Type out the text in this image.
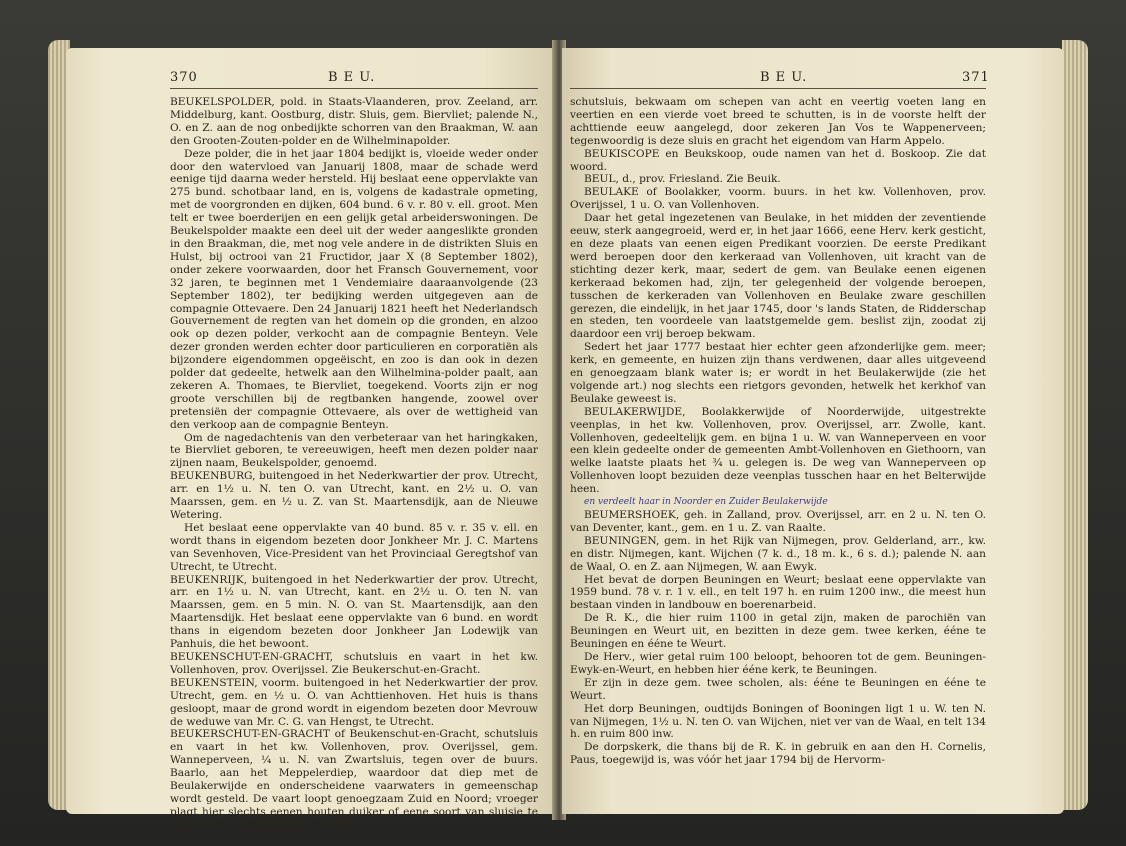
370	B E U.

BEUKELSPOLDER, pold. in Staats-Vlaanderen, prov. Zeeland, arr. Middelburg, kant. Oostburg, distr. Sluis, gem. Biervliet; palende N., O. en Z. aan de nog onbedijkte schorren van den Braakman, W. aan den Grooten-Zouten-polder en de Wilhelminapolder.

Deze polder, die in het jaar 1804 bedijkt is, vloeide weder onder door den watervloed van Januarij 1808, maar de schade werd eenige tijd daarna weder hersteld. Hij beslaat eene oppervlakte van 275 bund. schotbaar land, en is, volgens de kadastrale opmeting, met de voorgronden en dijken, 604 bund. 6 v. r. 80 v. ell. groot. Men telt er twee boerderijen en een gelijk getal arbeiderswoningen. De Beukelspolder maakte een deel uit der weder aangeslikte gronden in den Braakman, die, met nog vele andere in de distrikten Sluis en Hulst, bij octrooi van 21 Fructidor, jaar X (8 September 1802), onder zekere voorwaarden, door het Fransch Gouvernement, voor 32 jaren, te beginnen met 1 Vendemiaire daaraanvolgende (23 September 1802), ter bedijking werden uitgegeven aan de compagnie Ottevaere. Den 24 Januarij 1821 heeft het Nederlandsch Gouvernement de regten van het domein op die gronden, en alzoo ook op dezen polder, verkocht aan de compagnie Benteyn. Vele dezer gronden werden echter door particulieren en corporatiën als bijzondere eigendommen opgeëischt, en zoo is dan ook in dezen polder dat gedeelte, hetwelk aan den Wilhelmina-polder paalt, aan zekeren A. Thomaes, te Biervliet, toegekend. Voorts zijn er nog groote verschillen bij de regtbanken hangende, zoowel over pretensiën der compagnie Ottevaere, als over de wettigheid van den verkoop aan de compagnie Benteyn.

Om de nagedachtenis van den verbeteraar van het haringkaken, te Biervliet geboren, te vereeuwigen, heeft men dezen polder naar zijnen naam, Beukelspolder, genoemd.

BEUKENBURG, buitengoed in het Nederkwartier der prov. Utrecht, arr. en 1½ u. N. ten O. van Utrecht, kant. en 2½ u. O. van Maarssen, gem. en ½ u. Z. van St. Maartensdijk, aan de Nieuwe Wetering.

Het beslaat eene oppervlakte van 40 bund. 85 v. r. 35 v. ell. en wordt thans in eigendom bezeten door Jonkheer Mr. J. C. Martens van Sevenhoven, Vice-President van het Provinciaal Geregtshof van Utrecht, te Utrecht.

BEUKENRIJK, buitengoed in het Nederkwartier der prov. Utrecht, arr. en 1½ u. N. van Utrecht, kant. en 2½ u. O. ten N. van Maarssen, gem. en 5 min. N. O. van St. Maartensdijk, aan den Maartensdijk. Het beslaat eene oppervlakte van 6 bund. en wordt thans in eigendom bezeten door Jonkheer Jan Lodewijk van Panhuis, die het bewoont.

BEUKENSCHUT-EN-GRACHT, schutsluis en vaart in het kw. Vollenhoven, prov. Overijssel. Zie Beukerschut-en-Gracht.

BEUKENSTEIN, voorm. buitengoed in het Nederkwartier der prov. Utrecht, gem. en ½ u. O. van Achttienhoven. Het huis is thans gesloopt, maar de grond wordt in eigendom bezeten door Mevrouw de weduwe van Mr. C. G. van Hengst, te Utrecht.

BEUKERSCHUT-EN-GRACHT of Beukenschut-en-Gracht, schutsluis en vaart in het kw. Vollenhoven, prov. Overijssel, gem. Wanneperveen, ¼ u. N. van Zwartsluis, tegen over de buurs. Baarlo, aan het Meppelerdiep, waardoor dat diep met de Beulakerwijde en onderscheidene vaarwaters in gemeenschap wordt gesteld. De vaart loopt genoegzaam Zuid en Noord; vroeger plagt hier slechts eenen houten duiker of eene soort van sluisje te liggen. De tegenwoordige steenen

B E U.	371

schutsluis, bekwaam om schepen van acht en veertig voeten lang en veertien en een vierde voet breed te schutten, is in de voorste helft der achttiende eeuw aangelegd, door zekeren Jan Vos te Wappenerveen; tegenwoordig is deze sluis en gracht het eigendom van Harm Appelo.

BEUKISCOPE en Beukskoop, oude namen van het d. Boskoop. Zie dat woord.

BEUL, d., prov. Friesland. Zie Beuik.

BEULAKE of Boolakker, voorm. buurs. in het kw. Vollenhoven, prov. Overijssel, 1 u. O. van Vollenhoven.

Daar het getal ingezetenen van Beulake, in het midden der zeventiende eeuw, sterk aangegroeid, werd er, in het jaar 1666, eene Herv. kerk gesticht, en deze plaats van eenen eigen Predikant voorzien. De eerste Predikant werd beroepen door den kerkeraad van Vollenhoven, uit kracht van de stichting dezer kerk, maar, sedert de gem. van Beulake eenen eigenen kerkeraad bekomen had, zijn, ter gelegenheid der volgende beroepen, tusschen de kerkeraden van Vollenhoven en Beulake zware geschillen gerezen, die eindelijk, in het jaar 1745, door 's lands Staten, de Ridderschap en steden, ten voordeele van laatstgemelde gem. beslist zijn, zoodat zij daardoor een vrij beroep bekwam.

Sedert het jaar 1777 bestaat hier echter geen afzonderlijke gem. meer; kerk, en gemeente, en huizen zijn thans verdwenen, daar alles uitgeveend en genoegzaam blank water is; er wordt in het Beulakerwijde (zie het volgende art.) nog slechts een rietgors gevonden, hetwelk het kerkhof van Beulake geweest is.

BEULAKERWIJDE, Boolakkerwijde of Noorderwijde, uitgestrekte veenplas, in het kw. Vollenhoven, prov. Overijssel, arr. Zwolle, kant. Vollenhoven, gedeeltelijk gem. en bijna 1 u. W. van Wanneperveen en voor een klein gedeelte onder de gemeenten Ambt-Vollenhoven en Giethoorn, van welke laatste plaats het ¾ u. gelegen is. De weg van Wanneperveen op Vollenhoven loopt bezuiden deze veenplas tusschen haar en het Belterwijde heen.

en verdeelt haar in Noorder en Zuider Beulakerwijde

BEUMERSHOEK, geh. in Zalland, prov. Overijssel, arr. en 2 u. N. ten O. van Deventer, kant., gem. en 1 u. Z. van Raalte.

BEUNINGEN, gem. in het Rijk van Nijmegen, prov. Gelderland, arr., kw. en distr. Nijmegen, kant. Wijchen (7 k. d., 18 m. k., 6 s. d.); palende N. aan de Waal, O. en Z. aan Nijmegen, W. aan Ewyk.

Het bevat de dorpen Beuningen en Weurt; beslaat eene oppervlakte van 1959 bund. 78 v. r. 1 v. ell., en telt 197 h. en ruim 1200 inw., die meest hun bestaan vinden in landbouw en boerenarbeid.

De R. K., die hier ruim 1100 in getal zijn, maken de parochiën van Beuningen en Weurt uit, en bezitten in deze gem. twee kerken, ééne te Beuningen en ééne te Weurt.

De Herv., wier getal ruim 100 beloopt, behooren tot de gem. Beuningen-Ewyk-en-Weurt, en hebben hier ééne kerk, te Beuningen.

Er zijn in deze gem. twee scholen, als: ééne te Beuningen en ééne te Weurt.

Het dorp Beuningen, oudtijds Boningen of Booningen ligt 1 u. W. ten N. van Nijmegen, 1½ u. N. ten O. van Wijchen, niet ver van de Waal, en telt 134 h. en ruim 800 inw.

De dorpskerk, die thans bij de R. K. in gebruik en aan den H. Cornelis, Paus, toegewijd is, was vóór het jaar 1794 bij de Hervorm-
